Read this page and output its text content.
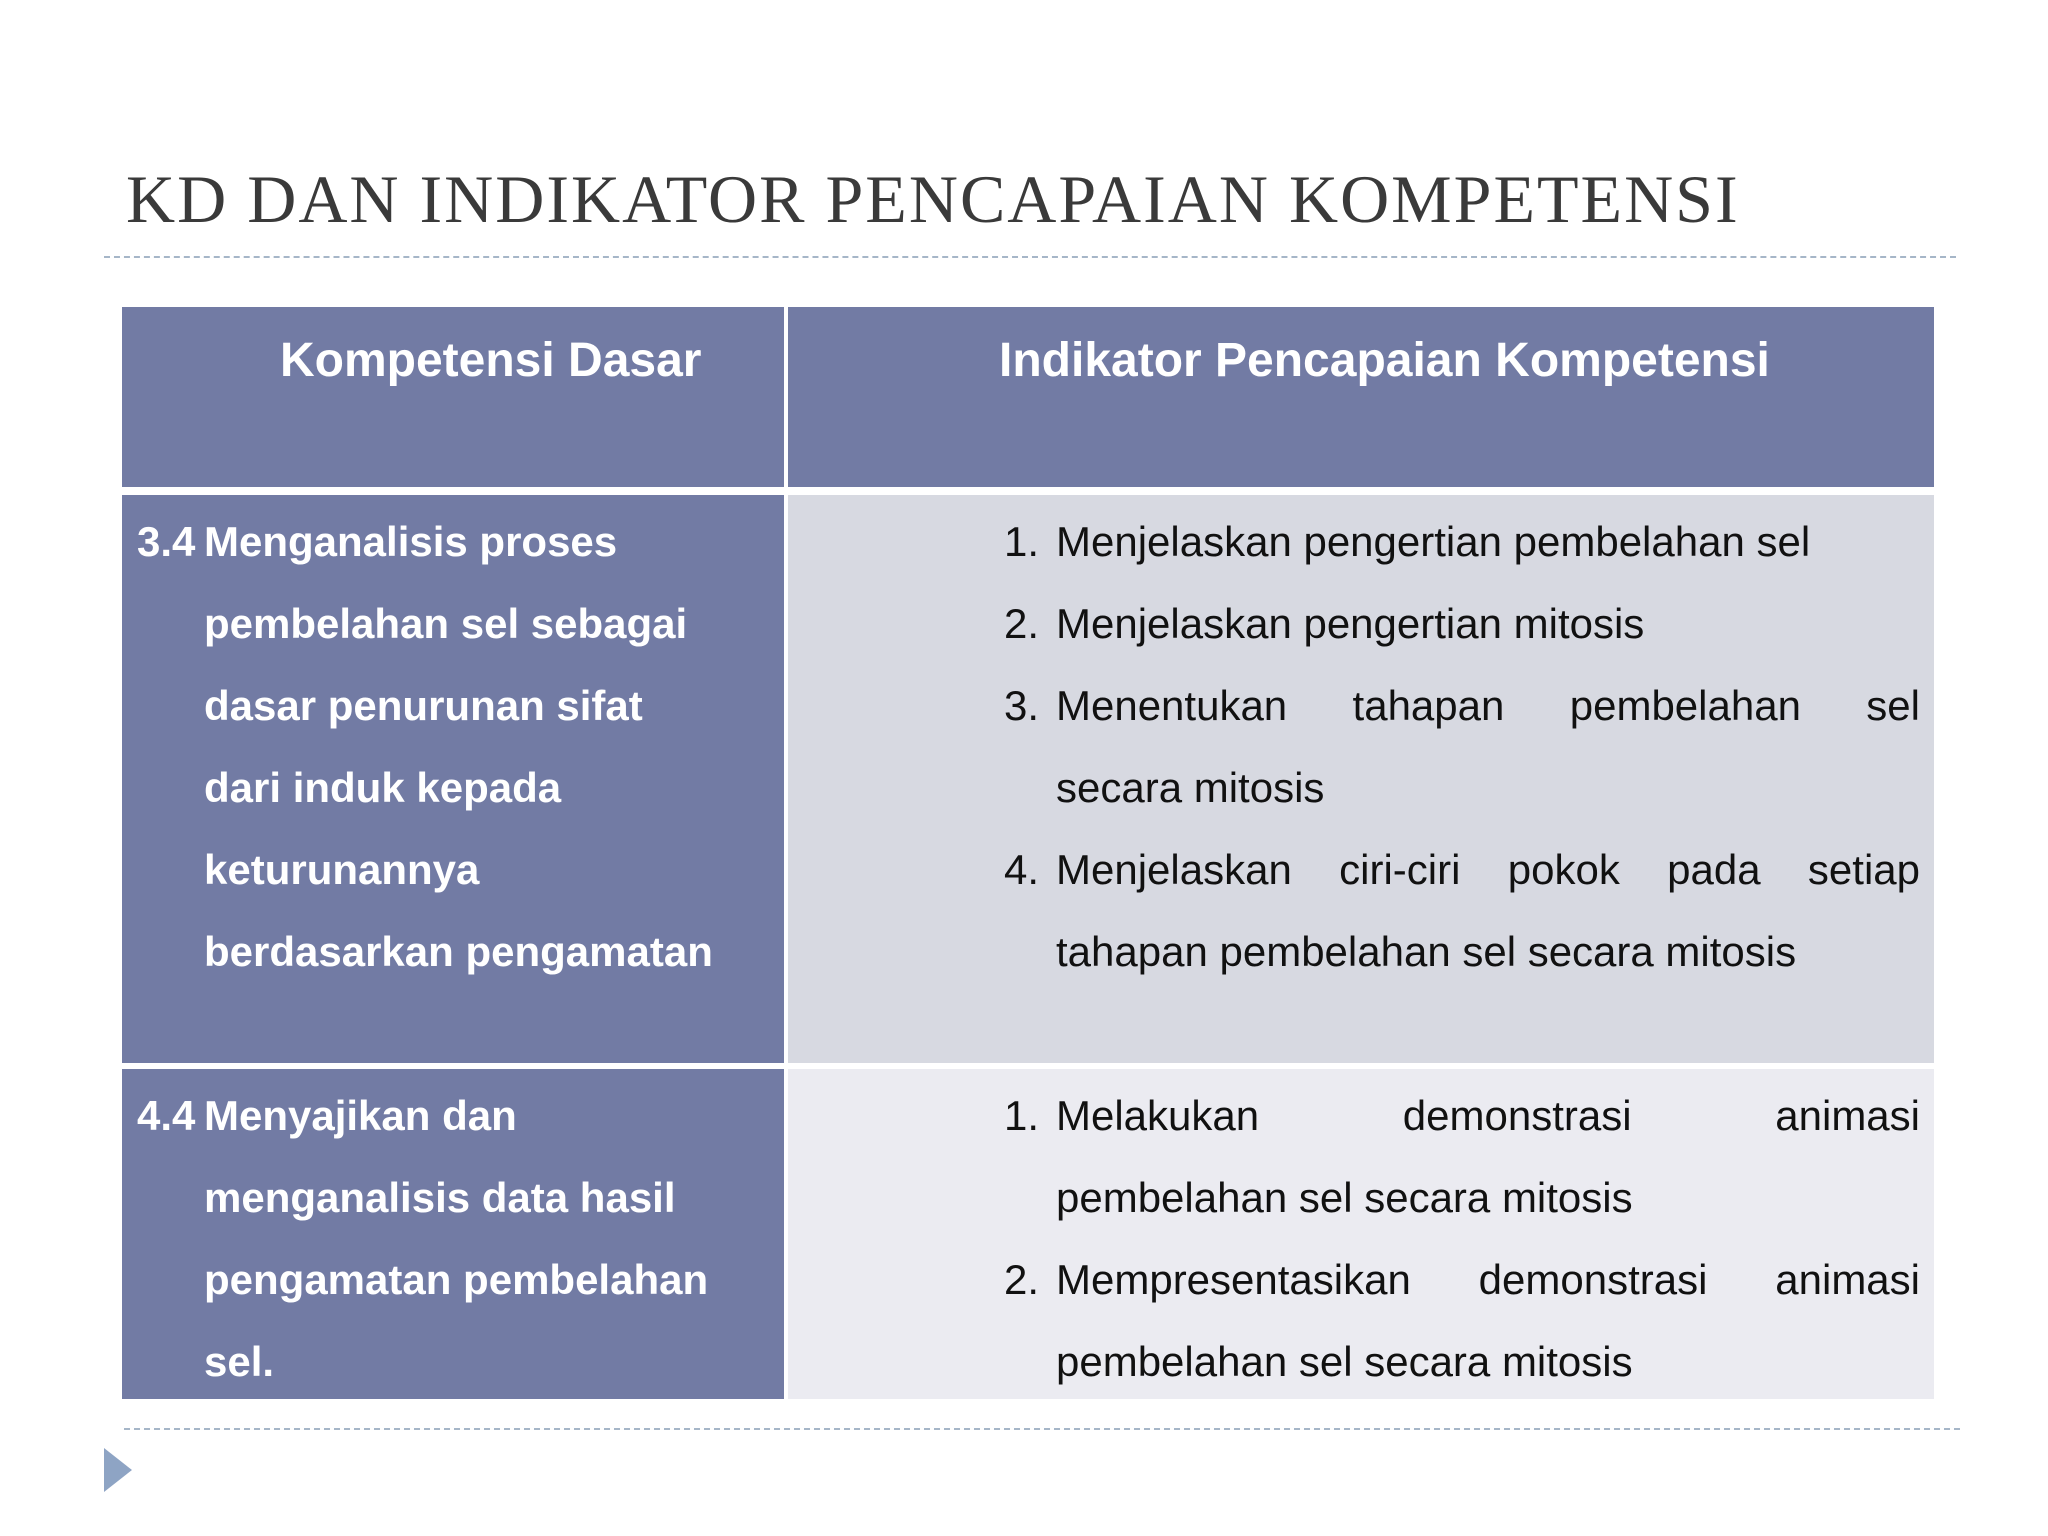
KD DAN INDIKATOR PENCAPAIAN KOMPETENSI
Kompetensi Dasar	Indikator Pencapaian Kompetensi
3.4 Menganalisis proses
pembelahan sel sebagai
dasar penurunan sifat
dari induk kepada
keturunannya
berdasarkan pengamatan
1. Menjelaskan pengertian pembelahan sel
2. Menjelaskan pengertian mitosis
3. Menentukan tahapan pembelahan sel
secara mitosis
4. Menjelaskan ciri-ciri pokok pada setiap
tahapan pembelahan sel secara mitosis
4.4 Menyajikan dan
menganalisis data hasil
pengamatan pembelahan
sel.
1. Melakukan demonstrasi animasi
pembelahan sel secara mitosis
2. Mempresentasikan demonstrasi animasi
pembelahan sel secara mitosis
